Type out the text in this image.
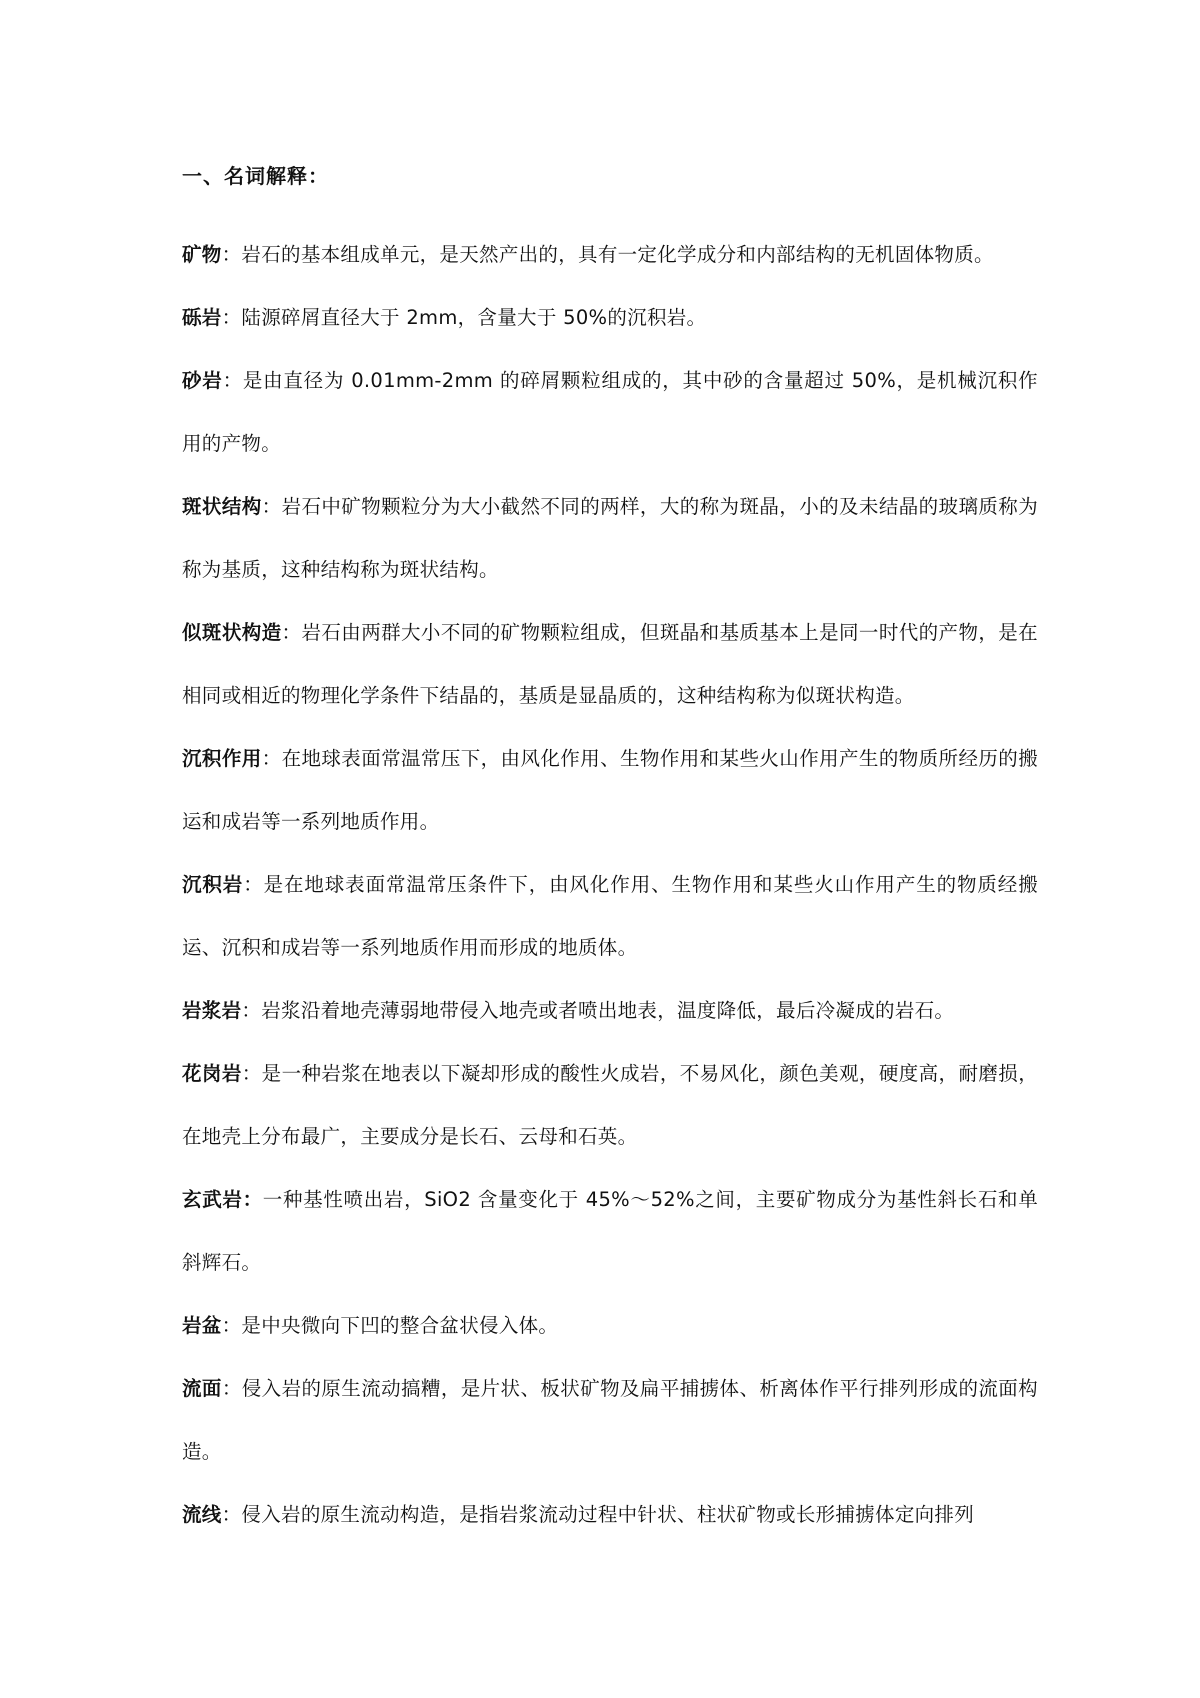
一、名词解释：

矿物：岩石的基本组成单元，是天然产出的，具有一定化学成分和内部结构的无机固体物质。

砾岩：陆源碎屑直径大于 2mm，含量大于 50%的沉积岩。

砂岩：是由直径为 0.01mm-2mm 的碎屑颗粒组成的，其中砂的含量超过 50%，是机械沉积作用的产物。

斑状结构：岩石中矿物颗粒分为大小截然不同的两样，大的称为斑晶，小的及未结晶的玻璃质称为称为基质，这种结构称为斑状结构。

似斑状构造：岩石由两群大小不同的矿物颗粒组成，但斑晶和基质基本上是同一时代的产物，是在相同或相近的物理化学条件下结晶的，基质是显晶质的，这种结构称为似斑状构造。

沉积作用：在地球表面常温常压下，由风化作用、生物作用和某些火山作用产生的物质所经历的搬运和成岩等一系列地质作用。

沉积岩：是在地球表面常温常压条件下，由风化作用、生物作用和某些火山作用产生的物质经搬运、沉积和成岩等一系列地质作用而形成的地质体。

岩浆岩：岩浆沿着地壳薄弱地带侵入地壳或者喷出地表，温度降低，最后冷凝成的岩石。

花岗岩：是一种岩浆在地表以下凝却形成的酸性火成岩，不易风化，颜色美观，硬度高，耐磨损，在地壳上分布最广，主要成分是长石、云母和石英。

玄武岩：一种基性喷出岩，SiO2 含量变化于 45%～52%之间，主要矿物成分为基性斜长石和单斜辉石。

岩盆：是中央微向下凹的整合盆状侵入体。

流面：侵入岩的原生流动搞糟，是片状、板状矿物及扁平捕掳体、析离体作平行排列形成的流面构造。

流线：侵入岩的原生流动构造，是指岩浆流动过程中针状、柱状矿物或长形捕掳体定向排列
